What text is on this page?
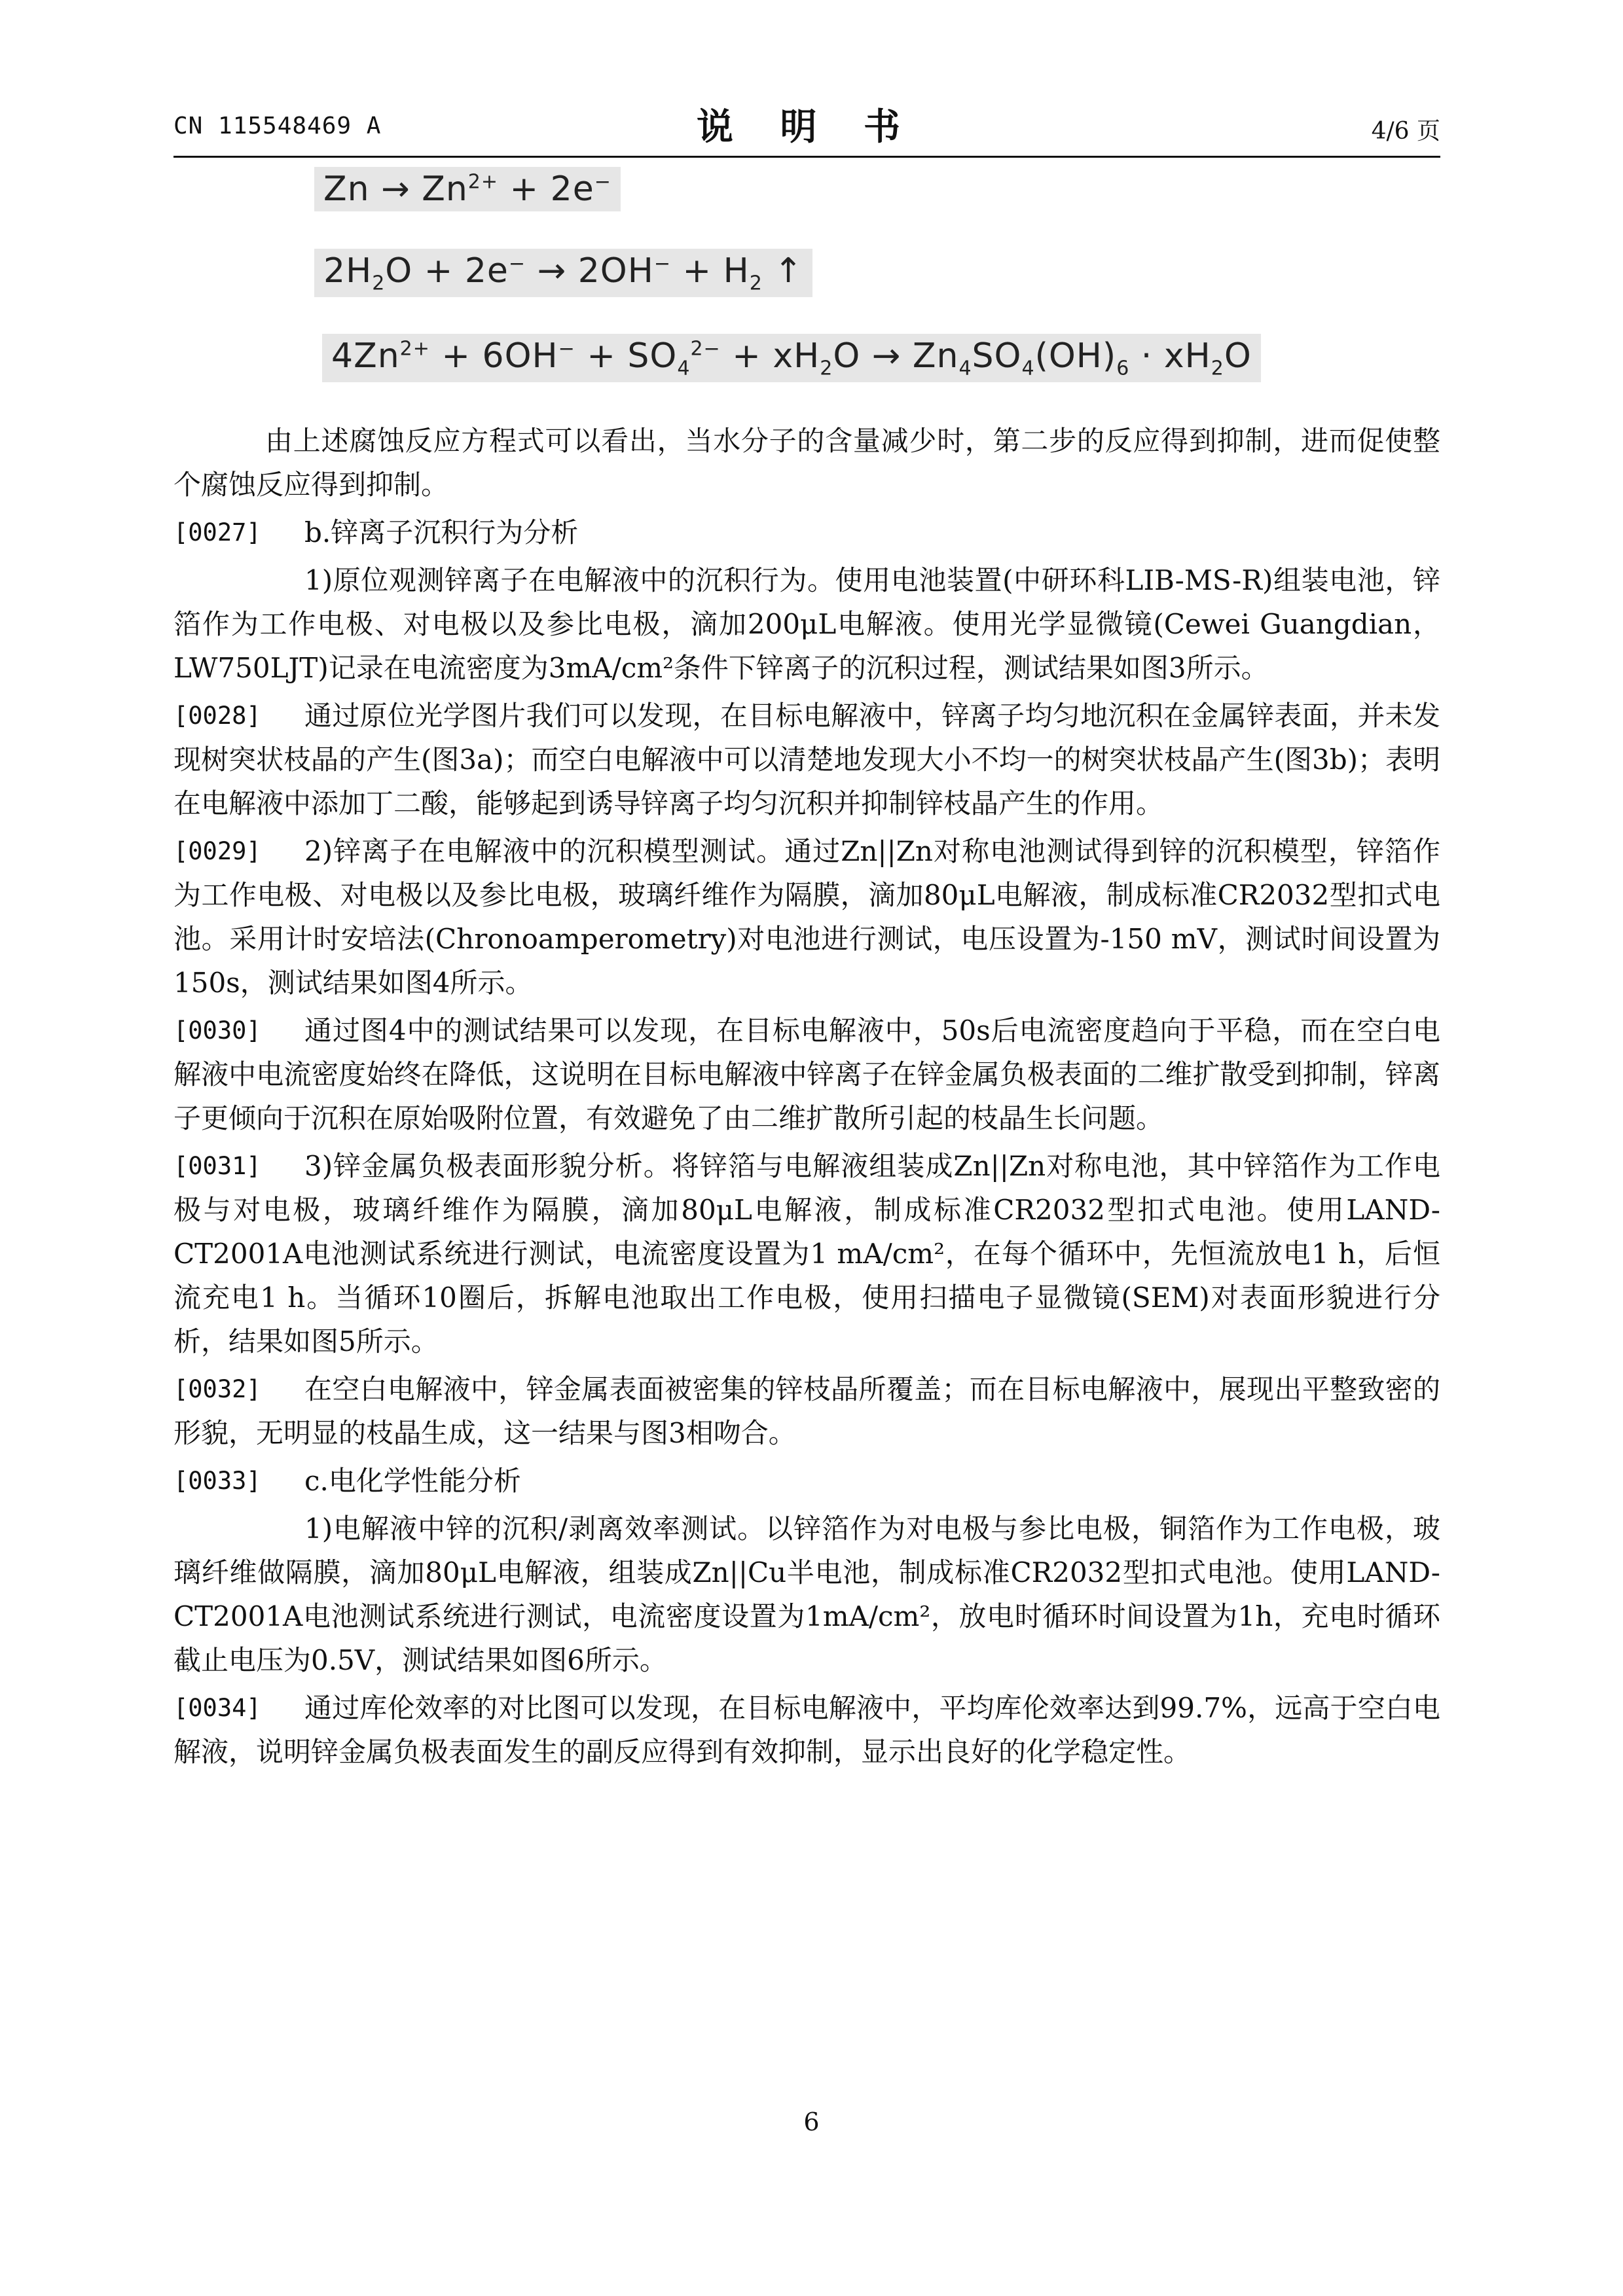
CN 115548469 A	说 明 书	4/6 页
$Zn \to Zn^{2+} + 2e^-$
$2H_2O + 2e^- \to 2OH^- + H_2$ ↑
$4Zn^{2+} + 6OH^- + SO_4^{2-} + xH_2O \to Zn_4SO_4(OH)_6 \cdot xH_2O$

由上述腐蚀反应方程式可以看出，当水分子的含量减少时，第二步的反应得到抑制，进而促使整个腐蚀反应得到抑制。

[0027]	b.锌离子沉积行为分析

1)原位观测锌离子在电解液中的沉积行为。使用电池装置(中研环科LIB-MS-R)组装电池，锌箔作为工作电极、对电极以及参比电极，滴加200μL电解液。使用光学显微镜(Cewei Guangdian，LW750LJT)记录在电流密度为3mA/cm²条件下锌离子的沉积过程，测试结果如图3所示。

[0028]	通过原位光学图片我们可以发现，在目标电解液中，锌离子均匀地沉积在金属锌表面，并未发现树突状枝晶的产生(图3a)；而空白电解液中可以清楚地发现大小不均一的树突状枝晶产生(图3b)；表明在电解液中添加丁二酸，能够起到诱导锌离子均匀沉积并抑制锌枝晶产生的作用。

[0029]	2)锌离子在电解液中的沉积模型测试。通过Zn||Zn对称电池测试得到锌的沉积模型，锌箔作为工作电极、对电极以及参比电极，玻璃纤维作为隔膜，滴加80μL电解液，制成标准CR2032型扣式电池。采用计时安培法(Chronoamperometry)对电池进行测试，电压设置为-150 mV，测试时间设置为150s，测试结果如图4所示。

[0030]	通过图4中的测试结果可以发现，在目标电解液中，50s后电流密度趋向于平稳，而在空白电解液中电流密度始终在降低，这说明在目标电解液中锌离子在锌金属负极表面的二维扩散受到抑制，锌离子更倾向于沉积在原始吸附位置，有效避免了由二维扩散所引起的枝晶生长问题。

[0031]	3)锌金属负极表面形貌分析。将锌箔与电解液组装成Zn||Zn对称电池，其中锌箔作为工作电极与对电极，玻璃纤维作为隔膜，滴加80μL电解液，制成标准CR2032型扣式电池。使用LAND-CT2001A电池测试系统进行测试，电流密度设置为1 mA/cm²，在每个循环中，先恒流放电1 h，后恒流充电1 h。当循环10圈后，拆解电池取出工作电极，使用扫描电子显微镜(SEM)对表面形貌进行分析，结果如图5所示。

[0032]	在空白电解液中，锌金属表面被密集的锌枝晶所覆盖；而在目标电解液中，展现出平整致密的形貌，无明显的枝晶生成，这一结果与图3相吻合。

[0033]	c.电化学性能分析

1)电解液中锌的沉积/剥离效率测试。以锌箔作为对电极与参比电极，铜箔作为工作电极，玻璃纤维做隔膜，滴加80μL电解液，组装成Zn||Cu半电池，制成标准CR2032型扣式电池。使用LAND-CT2001A电池测试系统进行测试，电流密度设置为1mA/cm²，放电时循环时间设置为1h，充电时循环截止电压为0.5V，测试结果如图6所示。

[0034]	通过库伦效率的对比图可以发现，在目标电解液中，平均库伦效率达到99.7%，远高于空白电解液，说明锌金属负极表面发生的副反应得到有效抑制，显示出良好的化学稳定性。

6
